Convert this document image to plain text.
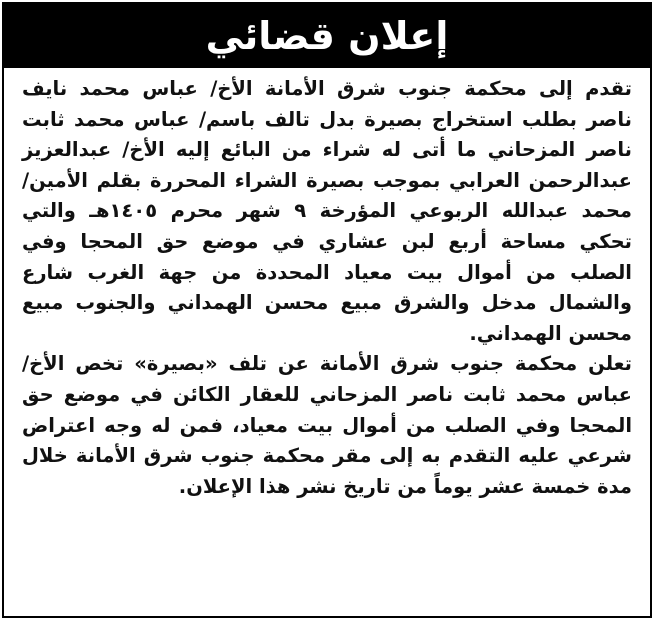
إعلان قضائي

تقدم إلى محكمة جنوب شرق الأمانة الأخ/ عباس محمد نايف ناصر بطلب استخراج بصيرة بدل تالف باسم/ عباس محمد ثابت ناصر المزحاني ما أتى له شراء من البائع إليه الأخ/ عبدالعزيز عبدالرحمن العرابي بموجب بصيرة الشراء المحررة بقلم الأمين/ محمد عبدالله الربوعي المؤرخة ٩ شهر محرم ١٤٠٥هـ والتي تحكي مساحة أربع لبن عشاري في موضع حق المحجا وفي الصلب من أموال بيت معياد المحددة من جهة الغرب شارع والشمال مدخل والشرق مبيع محسن الهمداني والجنوب مبيع محسن الهمداني.

تعلن محكمة جنوب شرق الأمانة عن تلف «بصيرة» تخص الأخ/ عباس محمد ثابت ناصر المزحاني للعقار الكائن في موضع حق المحجا وفي الصلب من أموال بيت معياد، فمن له وجه اعتراض شرعي عليه التقدم به إلى مقر محكمة جنوب شرق الأمانة خلال مدة خمسة عشر يوماً من تاريخ نشر هذا الإعلان.
